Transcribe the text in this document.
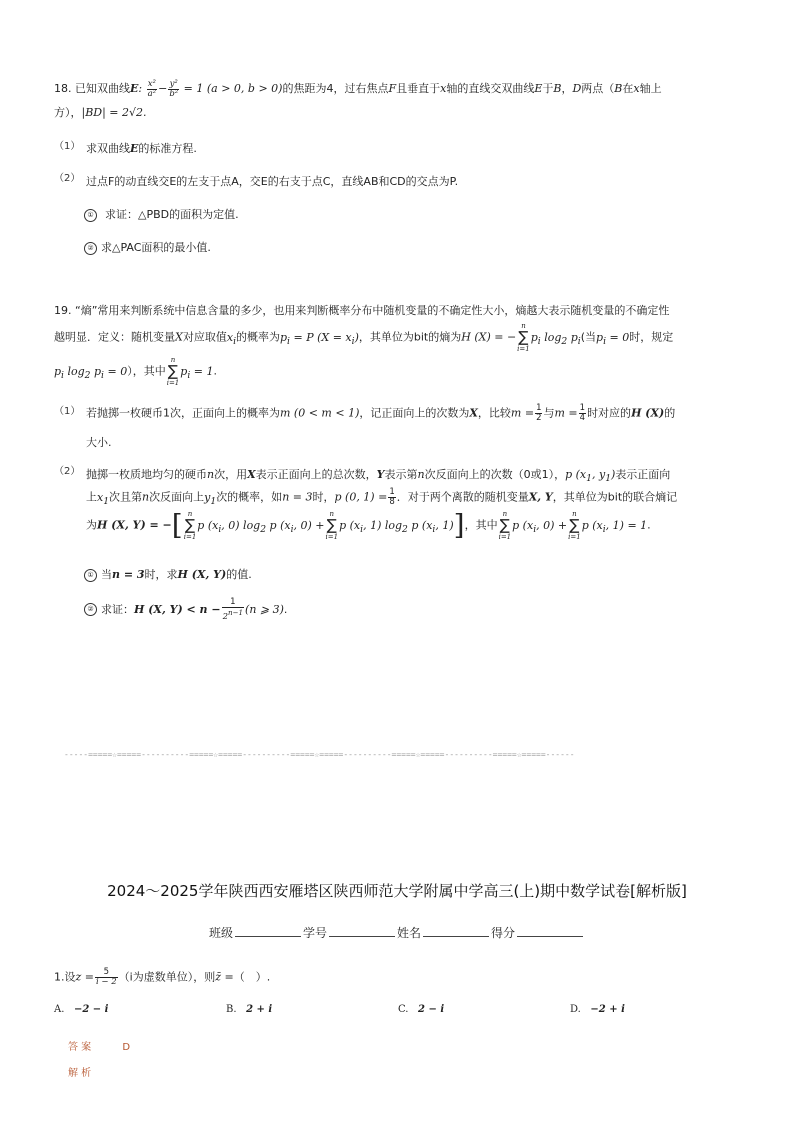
18. 已知双曲线E: $\frac{\text{x²}}{\text{a²}} - \frac{\text{y²}}{\text{b²}} = 1$ (a > 0, b > 0)的焦距为4，过右焦点F且垂直于x轴的直线交双曲线E于B，D两点（B在x轴上
方），|BD| = 2√2.
（1） 求双曲线E的标准方程.
（2） 过点F的动直线交E的左支于点A，交E的右支于点C，直线AB和CD的交点为P.
① 求证：△PBD的面积为定值.
② 求△PAC面积的最小值.
19. “熵”常用来判断系统中信息含量的多少，也用来判断概率分布中随机变量的不确定性大小，熵越大表示随机变量的不确定性
越明显．定义：随机变量X对应取值$x_i$的概率为$p_i = P$ $(X = x_i)$，其单位为bit的熵为H (X) = −
n
∑
i=1
$p_i$ $\log_2 p_i$(当$p_i = 0$时，规定
$p_i$ $\log_2 p_i = 0$），其中
n
∑
i=1
$p_i = 1$.
（1） 若抛掷一枚硬币1次，正面向上的概率为m (0 < m < 1)，记正面向上的次数为X，比较$m = \frac{1}{2}$ 与$m = \frac{1}{4}$ 时对应的H (X)的
大小.
（2） 抛掷一枚质地均匀的硬币n次，用X表示正面向上的总次数，Y表示第n次反面向上的次数（0或1），p ($x_1$, $y_1$)表示正面向
上$x_1$次且第n次反面向上$y_1$次的概率，如n = 3时，p (0, $1) = \frac{1}{8}$ ．对于两个离散的随机变量X, Y，其单位为bit的联合熵记
为H (X, Y) = −[ n
∑
i=1
p ($x_i$, 0) $\log_2 p$ ($x_i$, 0) +
n
∑
i=1
p ($x_i$, 1) $\log_2 p$ ($x_i$, 1)]，其中
n
∑
i=1
p ($x_i$, 0) +
n
∑
i=1
p ($x_i$, 1) = 1.
① 当n = 3时，求H (X, Y)的值.
② 求证：H (X, $Y) < n - \frac{1}{2^{n-1}} (n$ ⩾ 3).
-----=====☆=====----------=====☆=====----------=====☆=====----------=====☆=====----------=====☆=====------
2024～2025学年陕西西安雁塔区陕西师范大学附属中学高三(上)期中数学试卷[解析版]
班级	学号	姓名	得分
1.设$z = \frac{5}{i - 2} (i$为虚数单位），则z̄ =（　）.
A. −2 − i	B. 2 + i	C. 2 − i	D. −2 + i
答 案	D
解 析
